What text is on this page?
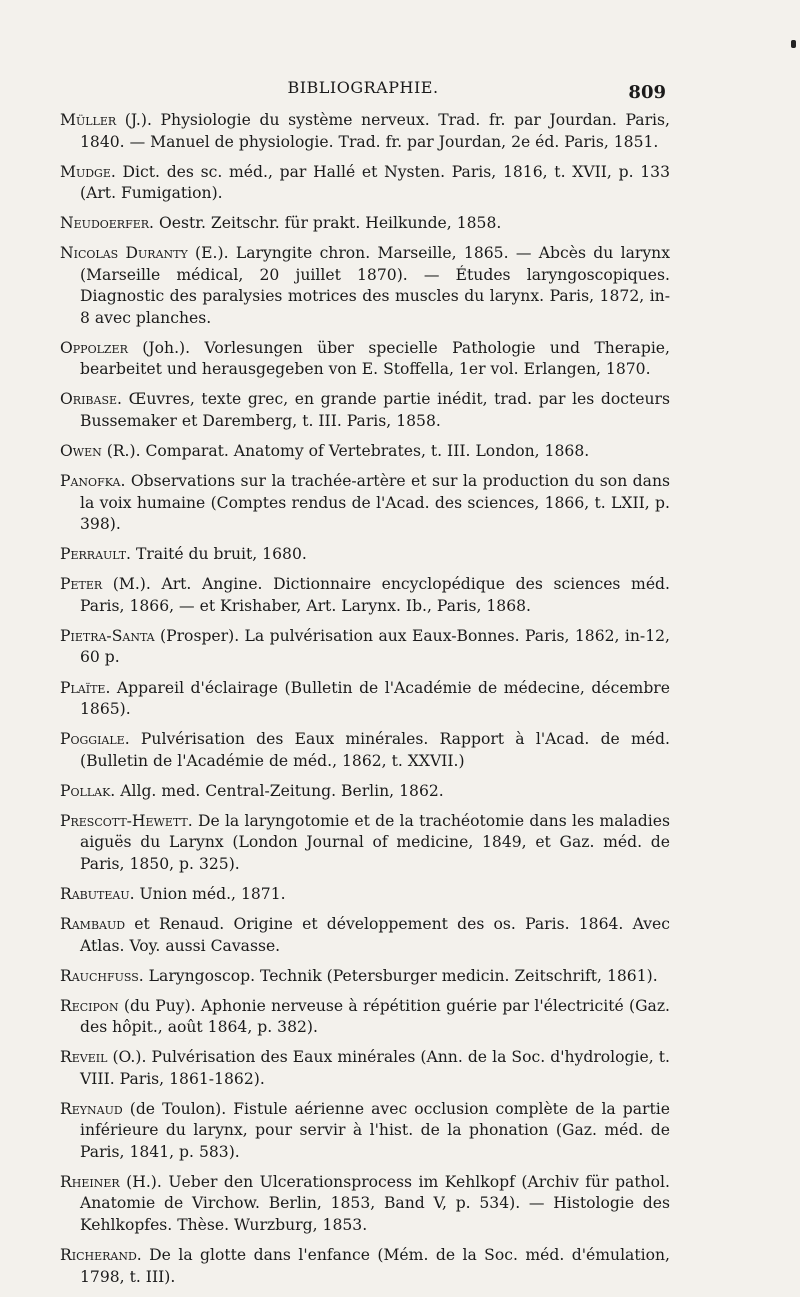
BIBLIOGRAPHIE.	809

Müller (J.). Physiologie du système nerveux. Trad. fr. par Jourdan. Paris, 1840. — Manuel de physiologie. Trad. fr. par Jourdan, 2e éd. Paris, 1851.

Mudge. Dict. des sc. méd., par Hallé et Nysten. Paris, 1816, t. XVII, p. 133 (Art. Fumigation).

Neudoerfer. Oestr. Zeitschr. für prakt. Heilkunde, 1858.

Nicolas Duranty (E.). Laryngite chron. Marseille, 1865. — Abcès du larynx (Marseille médical, 20 juillet 1870). — Études laryngoscopiques. Diagnostic des paralysies motrices des muscles du larynx. Paris, 1872, in-8 avec planches.

Oppolzer (Joh.). Vorlesungen über specielle Pathologie und Therapie, bearbeitet und herausgegeben von E. Stoffella, 1er vol. Erlangen, 1870.

Oribase. Œuvres, texte grec, en grande partie inédit, trad. par les docteurs Bussemaker et Daremberg, t. III. Paris, 1858.

Owen (R.). Comparat. Anatomy of Vertebrates, t. III. London, 1868.

Panofka. Observations sur la trachée-artère et sur la production du son dans la voix humaine (Comptes rendus de l'Acad. des sciences, 1866, t. LXII, p. 398).

Perrault. Traité du bruit, 1680.

Peter (M.). Art. Angine. Dictionnaire encyclopédique des sciences méd. Paris, 1866, — et Krishaber, Art. Larynx. Ib., Paris, 1868.

Pietra-Santa (Prosper). La pulvérisation aux Eaux-Bonnes. Paris, 1862, in-12, 60 p.

Plaïte. Appareil d'éclairage (Bulletin de l'Académie de médecine, décembre 1865).

Poggiale. Pulvérisation des Eaux minérales. Rapport à l'Acad. de méd. (Bulletin de l'Académie de méd., 1862, t. XXVII.)

Pollak. Allg. med. Central-Zeitung. Berlin, 1862.

Prescott-Hewett. De la laryngotomie et de la trachéotomie dans les maladies aiguës du Larynx (London Journal of medicine, 1849, et Gaz. méd. de Paris, 1850, p. 325).

Rabuteau. Union méd., 1871.

Rambaud et Renaud. Origine et développement des os. Paris. 1864. Avec Atlas. Voy. aussi Cavasse.

Rauchfuss. Laryngoscop. Technik (Petersburger medicin. Zeitschrift, 1861).

Recipon (du Puy). Aphonie nerveuse à répétition guérie par l'électricité (Gaz. des hôpit., août 1864, p. 382).

Reveil (O.). Pulvérisation des Eaux minérales (Ann. de la Soc. d'hydrologie, t. VIII. Paris, 1861-1862).

Reynaud (de Toulon). Fistule aérienne avec occlusion complète de la partie inférieure du larynx, pour servir à l'hist. de la phonation (Gaz. méd. de Paris, 1841, p. 583).

Rheiner (H.). Ueber den Ulcerationsprocess im Kehlkopf (Archiv für pathol. Anatomie de Virchow. Berlin, 1853, Band V, p. 534). — Histologie des Kehlkopfes. Thèse. Wurzburg, 1853.

Richerand. De la glotte dans l'enfance (Mém. de la Soc. méd. d'émulation, 1798, t. III).
